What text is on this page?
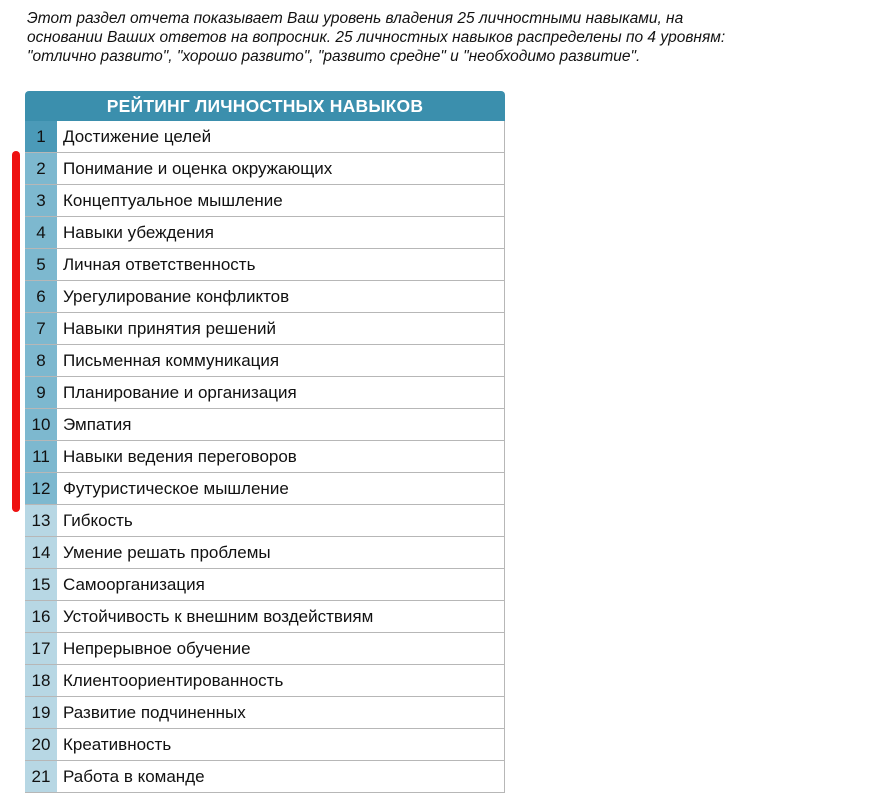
Этот раздел отчета показывает Ваш уровень владения 25 личностными навыками, на
основании Ваших ответов на вопросник. 25 личностных навыков распределены по 4 уровням:
"отлично развито", "хорошо развито", "развито средне" и "необходимо развитие".
РЕЙТИНГ ЛИЧНОСТНЫХ НАВЫКОВ
1	Достижение целей
2	Понимание и оценка окружающих
3	Концептуальное мышление
4	Навыки убеждения
5	Личная ответственность
6	Урегулирование конфликтов
7	Навыки принятия решений
8	Письменная коммуникация
9	Планирование и организация
10 Эмпатия
11 Навыки ведения переговоров
12 Футуристическое мышление
13 Гибкость
14 Умение решать проблемы
15 Самоорганизация
16 Устойчивость к внешним воздействиям
17 Непрерывное обучение
18 Клиентоориентированность
19 Развитие подчиненных
20 Креативность
21 Работа в команде
